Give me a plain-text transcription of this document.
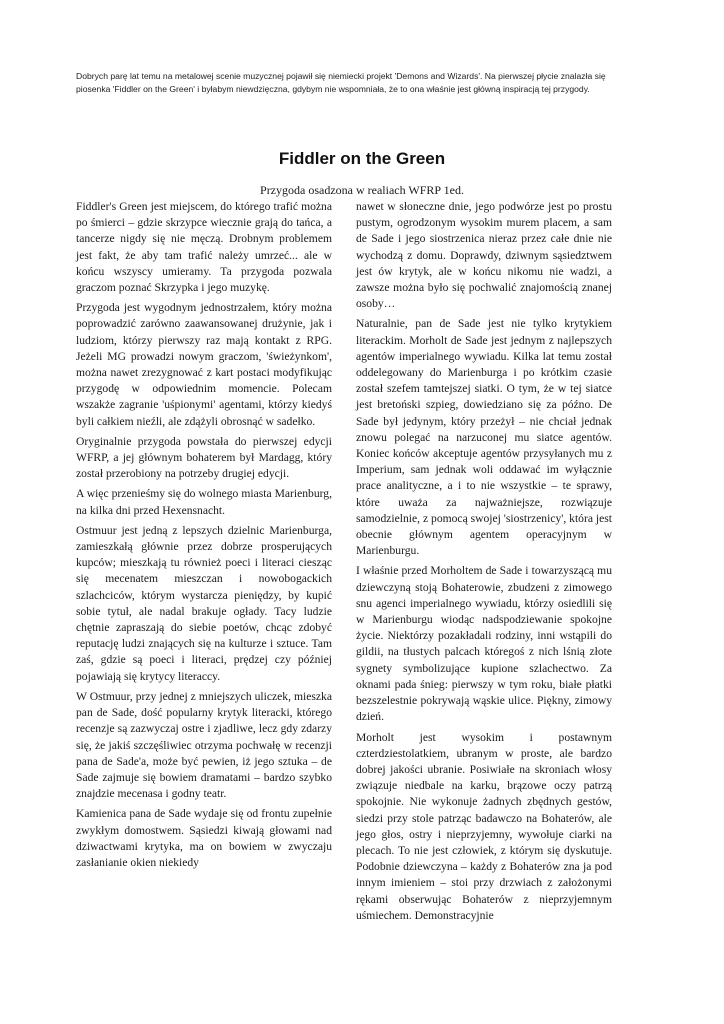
Dobrych parę lat temu na metalowej scenie muzycznej pojawił się niemiecki projekt 'Demons and Wizards'. Na pierwszej płycie znalazła się piosenka 'Fiddler on the Green' i byłabym niewdzięczna, gdybym nie wspomniała, że to ona właśnie jest główną inspiracją tej przygody.

Fiddler on the Green

Przygoda osadzona w realiach WFRP 1ed.

Fiddler's Green jest miejscem, do którego trafić można po śmierci – gdzie skrzypce wiecznie grają do tańca, a tancerze nigdy się nie męczą. Drobnym problemem jest fakt, że aby tam trafić należy umrzeć... ale w końcu wszyscy umieramy. Ta przygoda pozwala graczom poznać Skrzypka i jego muzykę.

Przygoda jest wygodnym jednostrzałem, który można poprowadzić zarówno zaawansowanej drużynie, jak i ludziom, którzy pierwszy raz mają kontakt z RPG. Jeżeli MG prowadzi nowym graczom, 'świeżynkom', można nawet zrezygnować z kart postaci modyfikując przygodę w odpowiednim momencie. Polecam wszakże zagranie 'uśpionymi' agentami, którzy kiedyś byli całkiem nieźli, ale zdążyli obrosnąć w sadełko.

Oryginalnie przygoda powstała do pierwszej edycji WFRP, a jej głównym bohaterem był Mardagg, który został przerobiony na potrzeby drugiej edycji.

A więc przenieśmy się do wolnego miasta Marienburg, na kilka dni przed Hexensnacht.

Ostmuur jest jedną z lepszych dzielnic Marienburga, zamieszkałą głównie przez dobrze prosperujących kupców; mieszkają tu również poeci i literaci ciesząc się mecenatem mieszczan i nowobogackich szlachciców, którym wystarcza pieniędzy, by kupić sobie tytuł, ale nadal brakuje ogłady. Tacy ludzie chętnie zapraszają do siebie poetów, chcąc zdobyć reputację ludzi znających się na kulturze i sztuce. Tam zaś, gdzie są poeci i literaci, prędzej czy później pojawiają się krytycy literaccy.

W Ostmuur, przy jednej z mniejszych uliczek, mieszka pan de Sade, dość popularny krytyk literacki, którego recenzje są zazwyczaj ostre i zjadliwe, lecz gdy zdarzy się, że jakiś szczęśliwiec otrzyma pochwałę w recenzji pana de Sade'a, może być pewien, iż jego sztuka – de Sade zajmuje się bowiem dramatami – bardzo szybko znajdzie mecenasa i godny teatr.

Kamienica pana de Sade wydaje się od frontu zupełnie zwykłym domostwem. Sąsiedzi kiwają głowami nad dziwactwami krytyka, ma on bowiem w zwyczaju zasłanianie okien niekiedy

nawet w słoneczne dnie, jego podwórze jest po prostu pustym, ogrodzonym wysokim murem placem, a sam de Sade i jego siostrzenica nieraz przez całe dnie nie wychodzą z domu. Doprawdy, dziwnym sąsiedztwem jest ów krytyk, ale w końcu nikomu nie wadzi, a zawsze można było się pochwalić znajomością znanej osoby…

Naturalnie, pan de Sade jest nie tylko krytykiem literackim. Morholt de Sade jest jednym z najlepszych agentów imperialnego wywiadu. Kilka lat temu został oddelegowany do Marienburga i po krótkim czasie został szefem tamtejszej siatki. O tym, że w tej siatce jest bretoński szpieg, dowiedziano się za późno. De Sade był jedynym, który przeżył – nie chciał jednak znowu polegać na narzuconej mu siatce agentów. Koniec końców akceptuje agentów przysyłanych mu z Imperium, sam jednak woli oddawać im wyłącznie prace analityczne, a i to nie wszystkie – te sprawy, które uważa za najważniejsze, rozwiązuje samodzielnie, z pomocą swojej 'siostrzenicy', która jest obecnie głównym agentem operacyjnym w Marienburgu.

I właśnie przed Morholtem de Sade i towarzyszącą mu dziewczyną stoją Bohaterowie, zbudzeni z zimowego snu agenci imperialnego wywiadu, którzy osiedlili się w Marienburgu wiodąc nadspodziewanie spokojne życie. Niektórzy pozakładali rodziny, inni wstąpili do gildii, na tłustych palcach któregoś z nich lśnią złote sygnety symbolizujące kupione szlachectwo. Za oknami pada śnieg: pierwszy w tym roku, białe płatki bezszelestnie pokrywają wąskie ulice. Piękny, zimowy dzień.

Morholt jest wysokim i postawnym czterdziestolatkiem, ubranym w proste, ale bardzo dobrej jakości ubranie. Posiwiałe na skroniach włosy związuje niedbale na karku, brązowe oczy patrzą spokojnie. Nie wykonuje żadnych zbędnych gestów, siedzi przy stole patrząc badawczo na Bohaterów, ale jego głos, ostry i nieprzyjemny, wywołuje ciarki na plecach. To nie jest człowiek, z którym się dyskutuje. Podobnie dziewczyna – każdy z Bohaterów zna ja pod innym imieniem – stoi przy drzwiach z założonymi rękami obserwując Bohaterów z nieprzyjemnym uśmiechem. Demonstracyjnie
